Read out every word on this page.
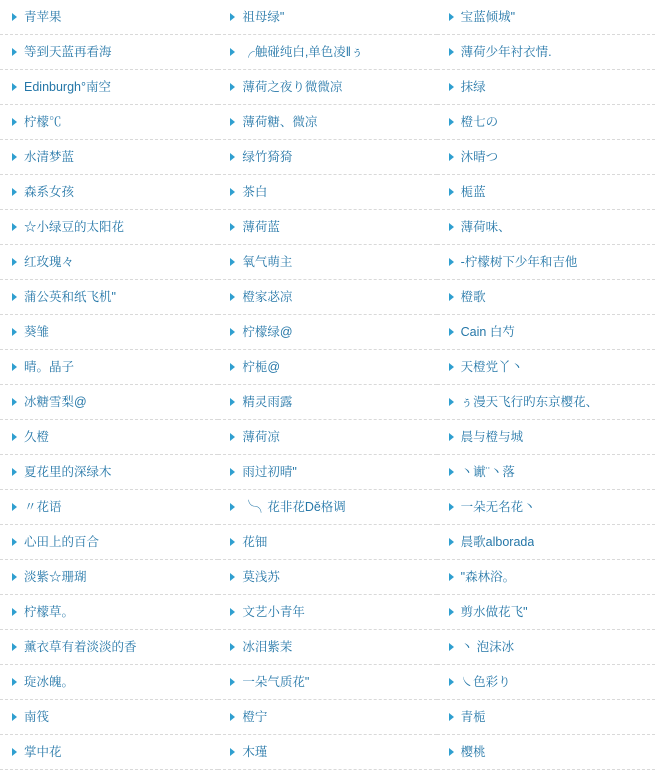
青苹果	祖母绿"	宝蓝倾城"
等到天蓝再看海	╭触碰纯白,单色凌‖ぅ	薄荷少年衬衣情.
Edinburgh°南空	薄荷之夜り微微凉	抹绿
柠檬℃	薄荷糖、微凉	橙七の
水清梦蓝	绿竹猗猗	沐晴つ
森系女孩	茶白	栀蓝
☆小绿豆的太阳花	薄荷蓝	薄荷味、
红玫瑰々	氧气萌主	-柠檬树下少年和吉他
蒲公英和纸飞机"	橙家苾凉	橙歌
葵雏	柠檬绿@	Cain 白芍
晴。晶子	柠栀@	天橙党丫丶
冰糖雪梨@	精灵雨露	ぅ漫天飞行旳东京樱花、
久橙	薄荷凉	晨与橙与城
夏花里的深绿木	雨过初晴"	丶谳¨丶落
〃花语	╰╮花非花Dě格调	一朵无名花丶
心田上的百合	花钿	晨歌alborada
淡紫☆珊瑚	莫浅苏	"森林浴。
柠檬草。	文艺小青年	剪水做花飞"
薰衣草有着淡淡的香	冰泪紫茉	丶 泡沫冰
琁冰魄。	一朵气质花"	㇏色彩り
南筏	橙宁	青栀
掌中花	木瑾	樱桃
